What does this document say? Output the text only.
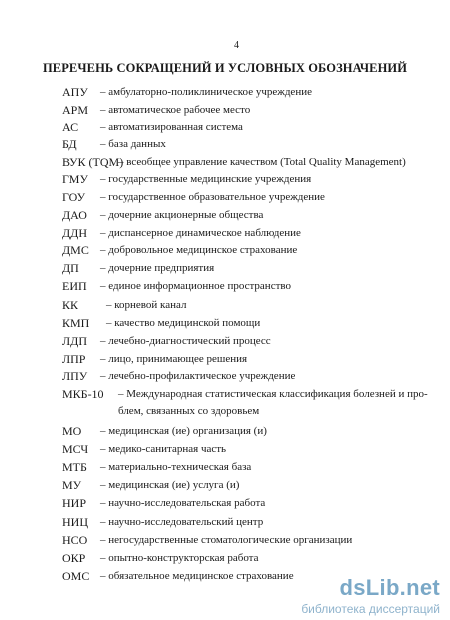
4
ПЕРЕЧЕНЬ СОКРАЩЕНИЙ И УСЛОВНЫХ ОБОЗНАЧЕНИЙ
АПУ – амбулаторно-поликлиническое учреждение
АРМ – автоматическое рабочее место
АС – автоматизированная система
БД – база данных
ВУК (TQM)
– всеобщее управление качеством (Total Quality Management)
ГМУ – государственные медицинские учреждения
ГОУ – государственное образовательное учреждение
ДАО – дочерние акционерные общества
ДДН – диспансерное динамическое наблюдение
ДМС – добровольное медицинское страхование
ДП – дочерние предприятия
ЕИП – единое информационное пространство
КК	– корневой канал
КМП – качество медицинской помощи
ЛДП – лечебно-диагностический процесс
ЛПР – лицо, принимающее решения
ЛПУ – лечебно-профилактическое учреждение
МКБ-10 – Международная статистическая классификация болезней и про-
блем, связанных со здоровьем
МО – медицинская (ие) организация (и)
МСЧ – медико-санитарная часть
МТБ – материально-техническая база
МУ – медицинская (ие) услуга (и)
НИР – научно-исследовательская работа
НИЦ – научно-исследовательский центр
НСО – негосударственные стоматологические организации
ОКР – опытно-конструкторская работа
ОМС – обязательное медицинское страхование	dsLib.net
библиотека диссертаций
